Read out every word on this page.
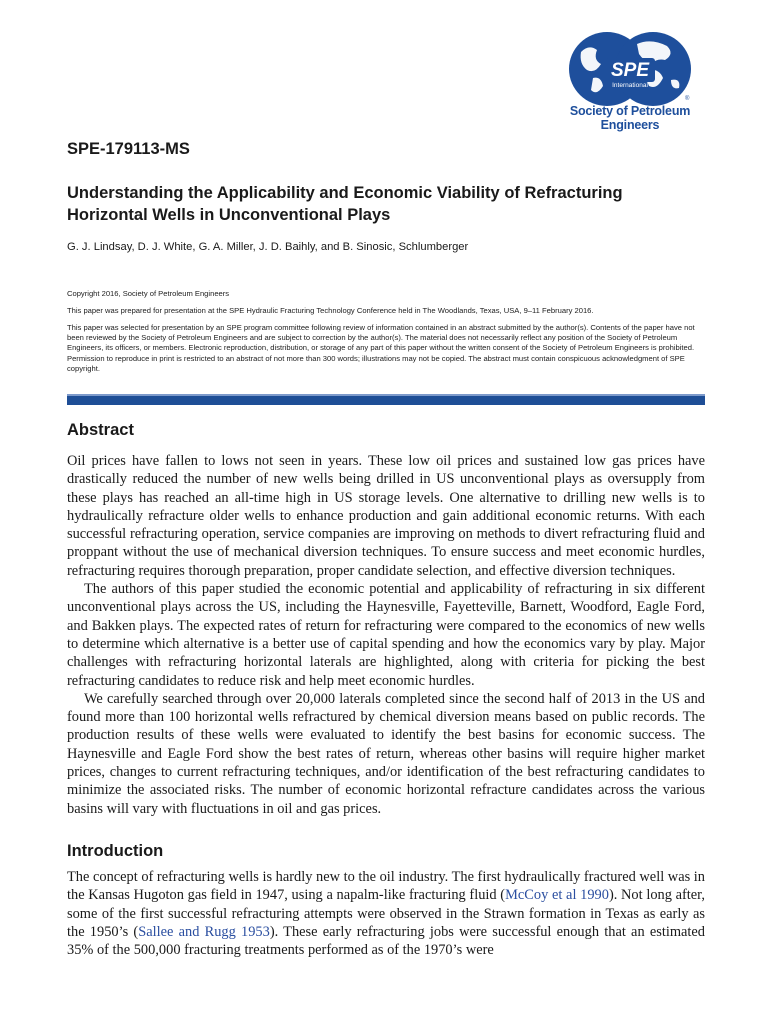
SPE
International
®
Society of Petroleum Engineers
SPE-179113-MS
Understanding the Applicability and Economic Viability of Refracturing Horizontal Wells in Unconventional Plays
G. J. Lindsay, D. J. White, G. A. Miller, J. D. Baihly, and B. Sinosic, Schlumberger
Copyright 2016, Society of Petroleum Engineers
This paper was prepared for presentation at the SPE Hydraulic Fracturing Technology Conference held in The Woodlands, Texas, USA, 9–11 February 2016.
This paper was selected for presentation by an SPE program committee following review of information contained in an abstract submitted by the author(s). Contents of the paper have not been reviewed by the Society of Petroleum Engineers and are subject to correction by the author(s). The material does not necessarily reflect any position of the Society of Petroleum Engineers, its officers, or members. Electronic reproduction, distribution, or storage of any part of this paper without the written consent of the Society of Petroleum Engineers is prohibited. Permission to reproduce in print is restricted to an abstract of not more than 300 words; illustrations may not be copied. The abstract must contain conspicuous acknowledgment of SPE copyright.
Abstract

Oil prices have fallen to lows not seen in years. These low oil prices and sustained low gas prices have drastically reduced the number of new wells being drilled in US unconventional plays as oversupply from these plays has reached an all-time high in US storage levels. One alternative to drilling new wells is to hydraulically refracture older wells to enhance production and gain additional economic returns. With each successful refracturing operation, service companies are improving on methods to divert refracturing fluid and proppant without the use of mechanical diversion techniques. To ensure success and meet economic hurdles, refracturing requires thorough preparation, proper candidate selection, and effective diversion techniques.

The authors of this paper studied the economic potential and applicability of refracturing in six different unconventional plays across the US, including the Haynesville, Fayetteville, Barnett, Woodford, Eagle Ford, and Bakken plays. The expected rates of return for refracturing were compared to the economics of new wells to determine which alternative is a better use of capital spending and how the economics vary by play. Major challenges with refracturing horizontal laterals are highlighted, along with criteria for picking the best refracturing candidates to reduce risk and help meet economic hurdles.

We carefully searched through over 20,000 laterals completed since the second half of 2013 in the US and found more than 100 horizontal wells refractured by chemical diversion means based on public records. The production results of these wells were evaluated to identify the best basins for economic success. The Haynesville and Eagle Ford show the best rates of return, whereas other basins will require higher market prices, changes to current refracturing techniques, and/or identification of the best refracturing candidates to minimize the associated risks. The number of economic horizontal refracture candidates across the various basins will vary with fluctuations in oil and gas prices.

Introduction

The concept of refracturing wells is hardly new to the oil industry. The first hydraulically fractured well was in the Kansas Hugoton gas field in 1947, using a napalm-like fracturing fluid (McCoy et al 1990). Not long after, some of the first successful refracturing attempts were observed in the Strawn formation in Texas as early as the 1950’s (Sallee and Rugg 1953). These early refracturing jobs were successful enough that an estimated 35% of the 500,000 fracturing treatments performed as of the 1970’s were
